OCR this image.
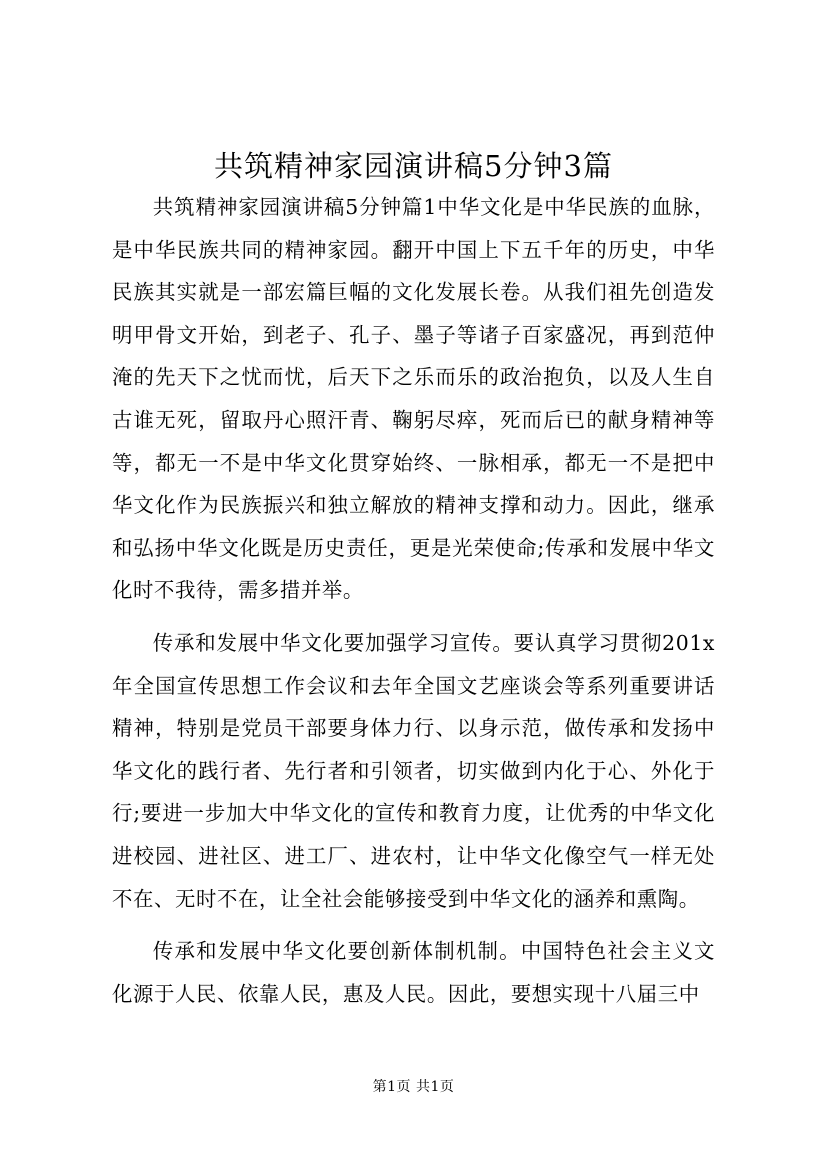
共筑精神家园演讲稿5分钟3篇

共筑精神家园演讲稿5分钟篇1中华文化是中华民族的血脉，是中华民族共同的精神家园。翻开中国上下五千年的历史，中华民族其实就是一部宏篇巨幅的文化发展长卷。从我们祖先创造发明甲骨文开始，到老子、孔子、墨子等诸子百家盛况，再到范仲淹的先天下之忧而忧，后天下之乐而乐的政治抱负，以及人生自古谁无死，留取丹心照汗青、鞠躬尽瘁，死而后已的献身精神等等，都无一不是中华文化贯穿始终、一脉相承，都无一不是把中华文化作为民族振兴和独立解放的精神支撑和动力。因此，继承和弘扬中华文化既是历史责任，更是光荣使命;传承和发展中华文化时不我待，需多措并举。

传承和发展中华文化要加强学习宣传。要认真学习贯彻201x年全国宣传思想工作会议和去年全国文艺座谈会等系列重要讲话精神，特别是党员干部要身体力行、以身示范，做传承和发扬中华文化的践行者、先行者和引领者，切实做到内化于心、外化于行;要进一步加大中华文化的宣传和教育力度，让优秀的中华文化进校园、进社区、进工厂、进农村，让中华文化像空气一样无处不在、无时不在，让全社会能够接受到中华文化的涵养和熏陶。

传承和发展中华文化要创新体制机制。中国特色社会主义文化源于人民、依靠人民，惠及人民。因此，要想实现十八届三中

第1页 共1页
